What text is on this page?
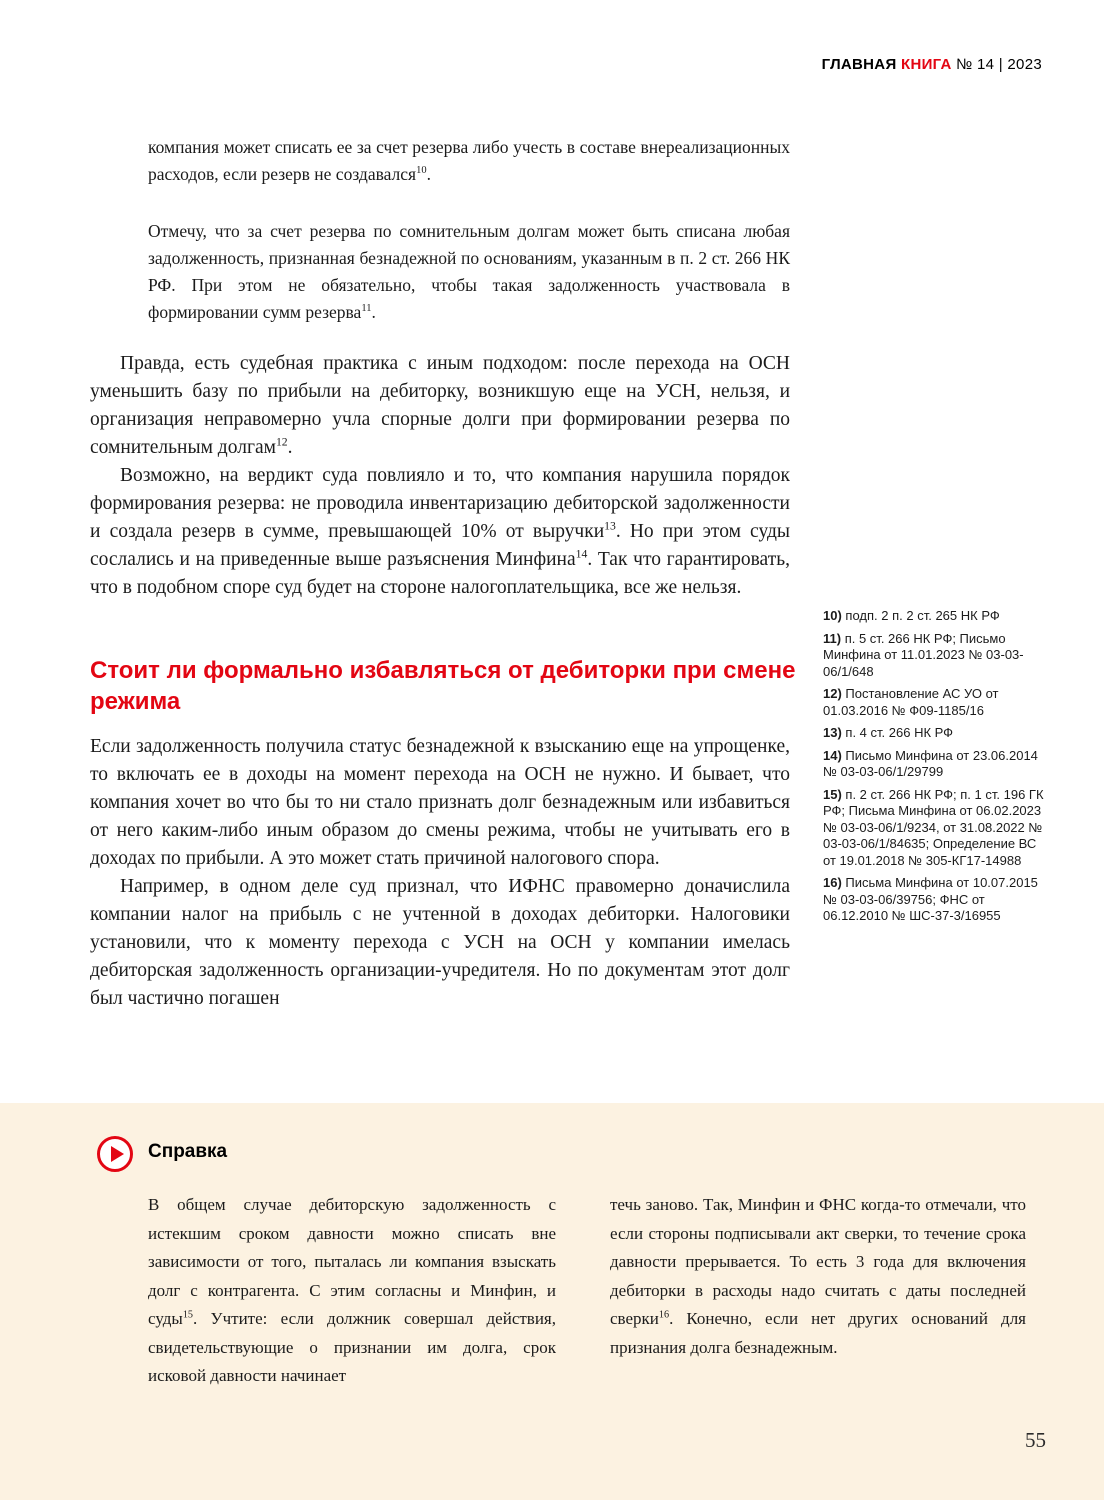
ГЛАВНАЯ КНИГА № 14 | 2023
компания может списать ее за счет резерва либо учесть в составе внереализационных расходов, если резерв не создавался$^{10}$.
Отмечу, что за счет резерва по сомнительным долгам может быть списана любая задолженность, признанная безнадежной по основаниям, указанным в п. 2 ст. 266 НК РФ. При этом не обязательно, чтобы такая задолженность участвовала в формировании сумм резерва$^{11}$.

Правда, есть судебная практика с иным подходом: после перехода на ОСН уменьшить базу по прибыли на дебиторку, возникшую еще на УСН, нельзя, и организация неправомерно учла спорные долги при формировании резерва по сомнительным долгам$^{12}$.

Возможно, на вердикт суда повлияло и то, что компания нарушила порядок формирования резерва: не проводила инвентаризацию дебиторской задолженности и создала резерв в сумме, превышающей 10% от выручки$^{13}$. Но при этом суды сослались и на приведенные выше разъяснения Минфина$^{14}$. Так что гарантировать, что в подобном споре суд будет на стороне налогоплательщика, все же нельзя.

Стоит ли формально избавляться от дебиторки при смене режима

Если задолженность получила статус безнадежной к взысканию еще на упрощенке, то включать ее в доходы на момент перехода на ОСН не нужно. И бывает, что компания хочет во что бы то ни стало признать долг безнадежным или избавиться от него каким-либо иным образом до смены режима, чтобы не учитывать его в доходах по прибыли. А это может стать причиной налогового спора.

Например, в одном деле суд признал, что ИФНС правомерно доначислила компании налог на прибыль с не учтенной в доходах дебиторки. Налоговики установили, что к моменту перехода с УСН на ОСН у компании имелась дебиторская задолженность организации-учредителя. Но по документам этот долг был частично погашен

10) подп. 2 п. 2 ст. 265 НК РФ
11) п. 5 ст. 266 НК РФ; Письмо Минфина от 11.01.2023 № 03-03-06/1/648
12) Постановление АС УО от 01.03.2016 № Ф09-1185/16
13) п. 4 ст. 266 НК РФ
14) Письмо Минфина от 23.06.2014 № 03-03-06/1/29799
15) п. 2 ст. 266 НК РФ; п. 1 ст. 196 ГК РФ; Письма Минфина от 06.02.2023 № 03-03-06/1/9234, от 31.08.2022 № 03-03-06/1/84635; Определение ВС от 19.01.2018 № 305-КГ17-14988
16) Письма Минфина от 10.07.2015 № 03-03-06/39756; ФНС от 06.12.2010 № ШС-37-3/16955
Справка
В общем случае дебиторскую задолженность с истекшим сроком давности можно списать вне зависимости от того, пыталась ли компания взыскать долг с контрагента. С этим согласны и Минфин, и суды$^{15}$. Учтите: если должник совершал действия, свидетельствующие о признании им долга, срок исковой давности начинает
течь заново. Так, Минфин и ФНС когда-то отмечали, что если стороны подписывали акт сверки, то течение срока давности прерывается. То есть 3 года для включения дебиторки в расходы надо считать с даты последней сверки$^{16}$. Конечно, если нет других оснований для признания долга безнадежным.
55
